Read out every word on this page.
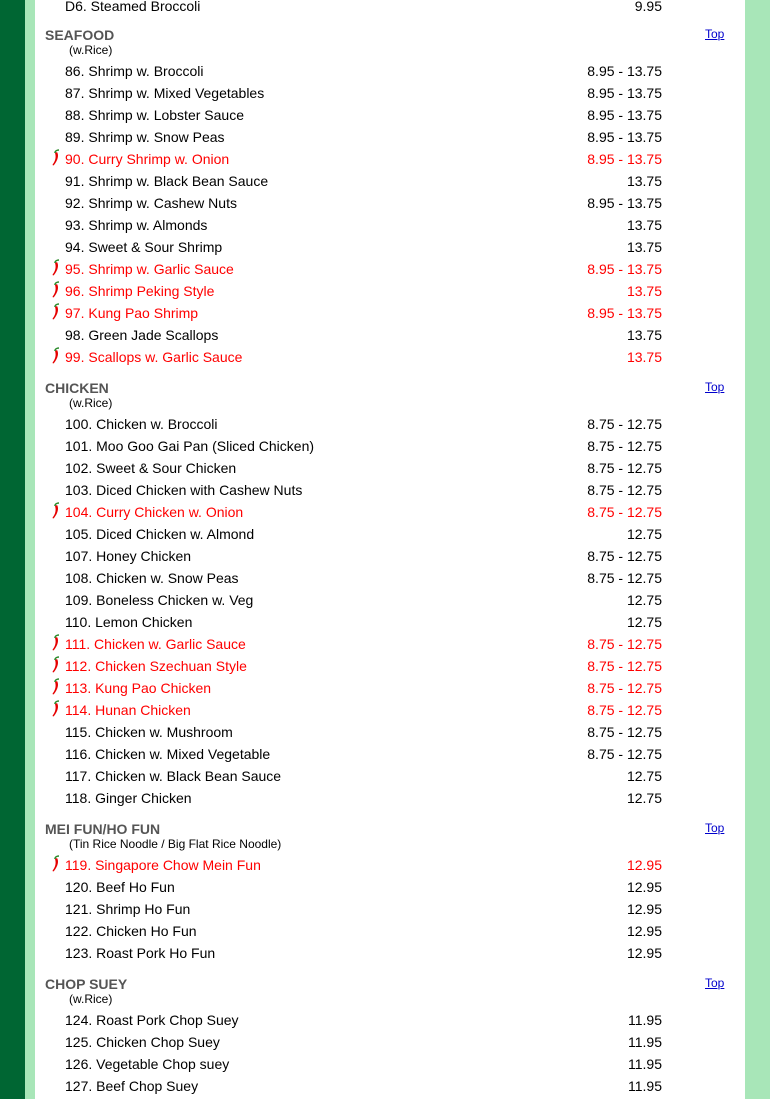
D6. Steamed Broccoli	9.95
SEAFOOD
(w.Rice)
Top
86. Shrimp w. Broccoli	8.95 - 13.75
87. Shrimp w. Mixed Vegetables	8.95 - 13.75
88. Shrimp w. Lobster Sauce	8.95 - 13.75
89. Shrimp w. Snow Peas	8.95 - 13.75
90. Curry Shrimp w. Onion	8.95 - 13.75
91. Shrimp w. Black Bean Sauce	13.75
92. Shrimp w. Cashew Nuts	8.95 - 13.75
93. Shrimp w. Almonds	13.75
94. Sweet & Sour Shrimp	13.75
95. Shrimp w. Garlic Sauce	8.95 - 13.75
96. Shrimp Peking Style	13.75
97. Kung Pao Shrimp	8.95 - 13.75
98. Green Jade Scallops	13.75
99. Scallops w. Garlic Sauce	13.75
CHICKEN
(w.Rice)
Top
100. Chicken w. Broccoli	8.75 - 12.75
101. Moo Goo Gai Pan (Sliced Chicken)	8.75 - 12.75
102. Sweet & Sour Chicken	8.75 - 12.75
103. Diced Chicken with Cashew Nuts	8.75 - 12.75
104. Curry Chicken w. Onion	8.75 - 12.75
105. Diced Chicken w. Almond	12.75
107. Honey Chicken	8.75 - 12.75
108. Chicken w. Snow Peas	8.75 - 12.75
109. Boneless Chicken w. Veg	12.75
110. Lemon Chicken	12.75
111. Chicken w. Garlic Sauce	8.75 - 12.75
112. Chicken Szechuan Style	8.75 - 12.75
113. Kung Pao Chicken	8.75 - 12.75
114. Hunan Chicken	8.75 - 12.75
115. Chicken w. Mushroom	8.75 - 12.75
116. Chicken w. Mixed Vegetable	8.75 - 12.75
117. Chicken w. Black Bean Sauce	12.75
118. Ginger Chicken	12.75
MEI FUN/HO FUN
(Tin Rice Noodle / Big Flat Rice Noodle)
Top
119. Singapore Chow Mein Fun	12.95
120. Beef Ho Fun	12.95
121. Shrimp Ho Fun	12.95
122. Chicken Ho Fun	12.95
123. Roast Pork Ho Fun	12.95
CHOP SUEY
(w.Rice)
Top
124. Roast Pork Chop Suey	11.95
125. Chicken Chop Suey	11.95
126. Vegetable Chop suey	11.95
127. Beef Chop Suey	11.95
